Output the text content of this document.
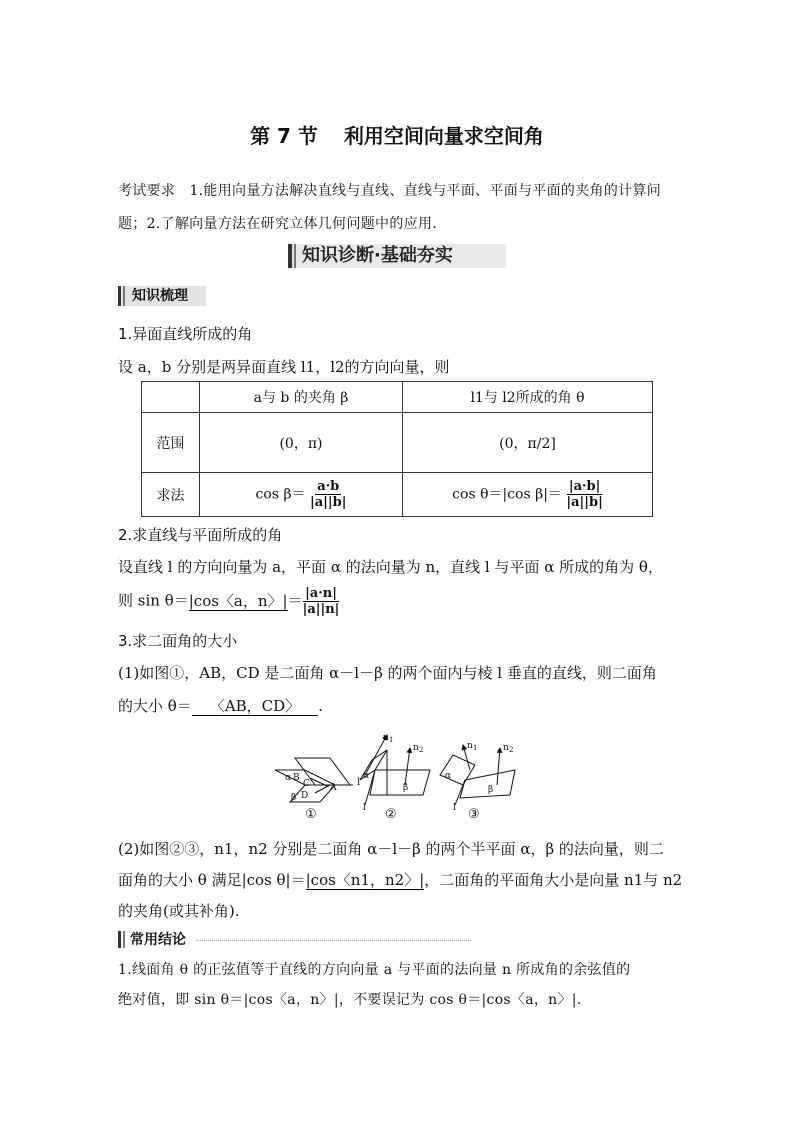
第 7 节 利用空间向量求空间角
考试要求 1.能用向量方法解决直线与直线、直线与平面、平面与平面的夹角的计算问题；2.了解向量方法在研究立体几何问题中的应用.
知识诊断·基础夯实
知识梳理
1.异面直线所成的角
设 a，b 分别是两异面直线 l1，l2的方向向量，则
	a与 b 的夹角 β	l1与 l2所成的角 θ
范围	(0，π)	(0，π/2]
求法	$\cos \beta= \frac{a\cdot b}{|a||b|}$	cos θ＝|cos $\beta|= \frac{|a\cdot b|}{|a||b|}$
2.求直线与平面所成的角
设直线 l 的方向向量为 a，平面 α 的法向量为 n，直线 l 与平面 α 所成的角为 θ，
则 sin θ＝|cos〈a，n〉|＝ $\frac{|a\cdot n|}{|a||n|}$
3.求二面角的大小
(1)如图①，AB，CD 是二面角 α－l－β 的两个面内与棱 l 垂直的直线，则二面角
的大小 θ＝ 〈AB，CD〉 .
α B
C
β D
A l
①
n 1
n 2
α
β
l ②
n 1	n 2
α
β
l ③
(2)如图②③，n1，n2 分别是二面角 α－l－β 的两个半平面 α，β 的法向量，则二
面角的大小 θ 满足|cos θ|＝|cos〈n1，n2〉|，二面角的平面角大小是向量 n1与 n2
的夹角(或其补角).
常用结论
1.线面角 θ 的正弦值等于直线的方向向量 a 与平面的法向量 n 所成角的余弦值的
绝对值，即 sin θ＝|cos〈a，n〉|，不要误记为 cos θ＝|cos〈a，n〉|.
